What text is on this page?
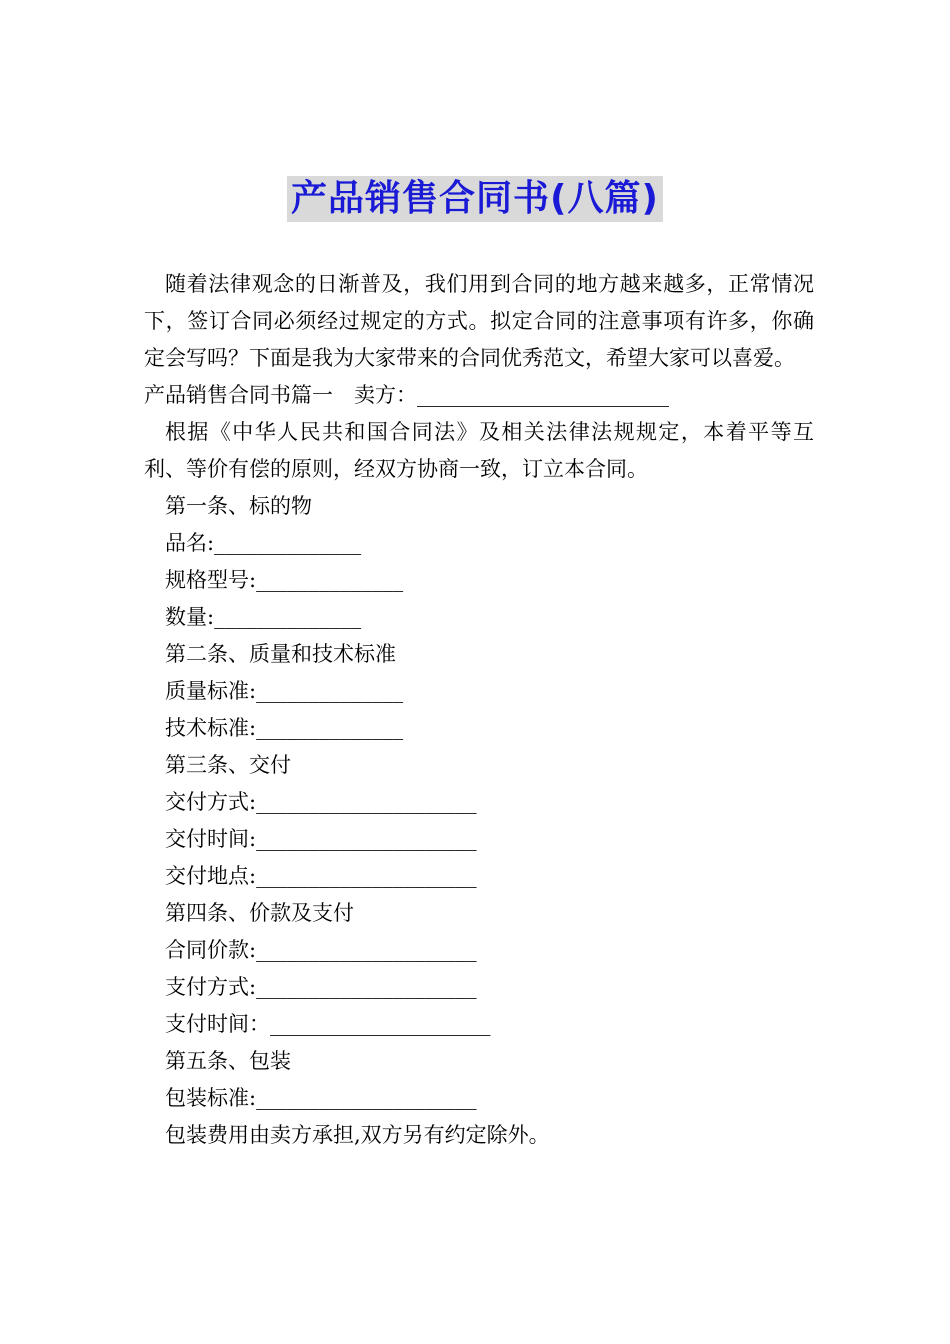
产品销售合同书(八篇)

随着法律观念的日渐普及，我们用到合同的地方越来越多，正常情况下，签订合同必须经过规定的方式。拟定合同的注意事项有许多，你确定会写吗？下面是我为大家带来的合同优秀范文，希望大家可以喜爱。

产品销售合同书篇一　卖方：________________________

根据《中华人民共和国合同法》及相关法律法规规定，本着平等互利、等价有偿的原则，经双方协商一致，订立本合同。

第一条、标的物

品名:______________

规格型号:______________

数量:______________

第二条、质量和技术标准

质量标准:______________

技术标准:______________

第三条、交付

交付方式:_____________________

交付时间:_____________________

交付地点:_____________________

第四条、价款及支付

合同价款:_____________________

支付方式:_____________________

支付时间：_____________________

第五条、包装

包装标准:_____________________

包装费用由卖方承担,双方另有约定除外。
